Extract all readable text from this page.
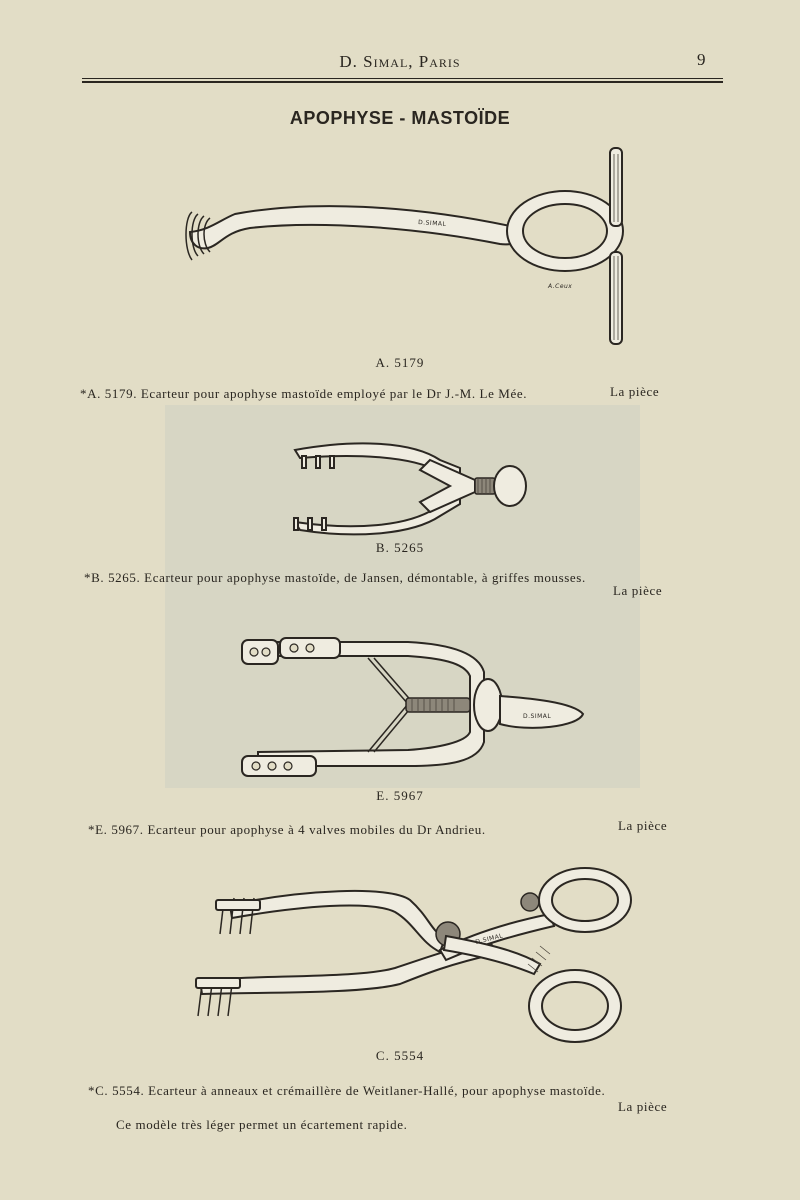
D. Simal, Paris	9
APOPHYSE - MASTOÏDE
D.SIMAL
A.Ceux
A. 5179
*A. 5179. Ecarteur pour apophyse mastoïde employé par le Dr J.-M. Le Mée.	La pièce
B. 5265
*B. 5265. Ecarteur pour apophyse mastoïde, de Jansen, démontable, à griffes mousses.
La pièce
D.SIMAL
E. 5967
*E. 5967. Ecarteur pour apophyse à 4 valves mobiles du Dr Andrieu.	La pièce
D.SIMAL
C. 5554
*C. 5554. Ecarteur à anneaux et crémaillère de Weitlaner-Hallé, pour apophyse mastoïde.
La pièce
Ce modèle très léger permet un écartement rapide.
